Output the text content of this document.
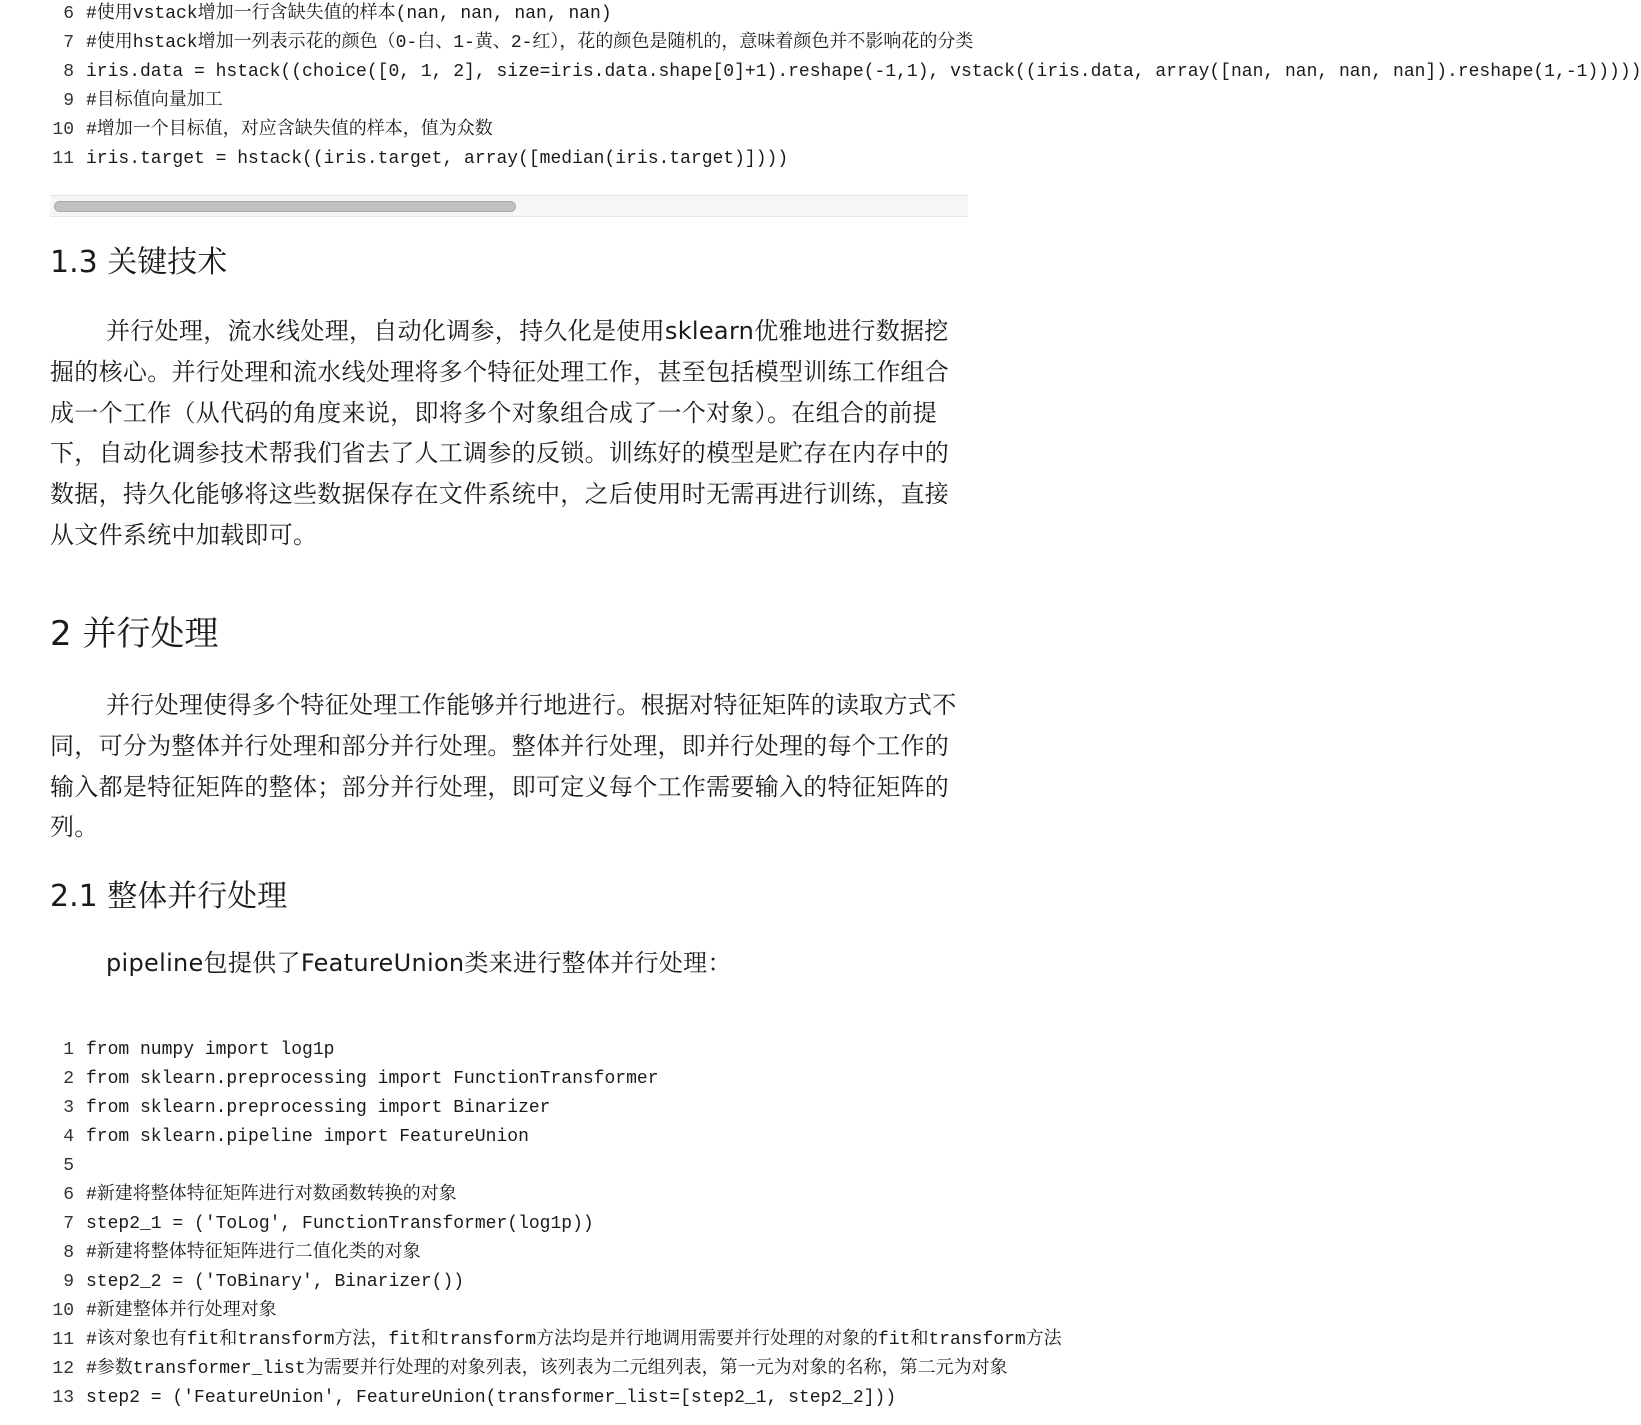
6 #使用vstack增加一行含缺失值的样本(nan, nan, nan, nan)
7 #使用hstack增加一列表示花的颜色（0-白、1-黄、2-红），花的颜色是随机的，意味着颜色并不影响花的分类
8 iris.data = hstack((choice([0, 1, 2], size=iris.data.shape[0]+1).reshape(-1,1), vstack((iris.data, array([nan, nan, nan, nan]).reshape(1,-1)))))
9 #目标值向量加工
10 #增加一个目标值，对应含缺失值的样本，值为众数
11 iris.target = hstack((iris.target, array([median(iris.target)])))
1.3 关键技术

并行处理，流水线处理，自动化调参，持久化是使用sklearn优雅地进行数据挖掘的核心。并行处理和流水线处理将多个特征处理工作，甚至包括模型训练工作组合成一个工作（从代码的角度来说，即将多个对象组合成了一个对象）。在组合的前提下，自动化调参技术帮我们省去了人工调参的反锁。训练好的模型是贮存在内存中的数据，持久化能够将这些数据保存在文件系统中，之后使用时无需再进行训练，直接从文件系统中加载即可。

2 并行处理

并行处理使得多个特征处理工作能够并行地进行。根据对特征矩阵的读取方式不同，可分为整体并行处理和部分并行处理。整体并行处理，即并行处理的每个工作的输入都是特征矩阵的整体；部分并行处理，即可定义每个工作需要输入的特征矩阵的列。

2.1 整体并行处理

pipeline包提供了FeatureUnion类来进行整体并行处理：

1 from numpy import log1p
2 from sklearn.preprocessing import FunctionTransformer
3 from sklearn.preprocessing import Binarizer
4 from sklearn.pipeline import FeatureUnion
5
6 #新建将整体特征矩阵进行对数函数转换的对象
7 step2_1 = ('ToLog', FunctionTransformer(log1p))
8 #新建将整体特征矩阵进行二值化类的对象
9 step2_2 = ('ToBinary', Binarizer())
10 #新建整体并行处理对象
11 #该对象也有fit和transform方法，fit和transform方法均是并行地调用需要并行处理的对象的fit和transform方法
12 #参数transformer_list为需要并行处理的对象列表，该列表为二元组列表，第一元为对象的名称，第二元为对象
13 step2 = ('FeatureUnion', FeatureUnion(transformer_list=[step2_1, step2_2]))
